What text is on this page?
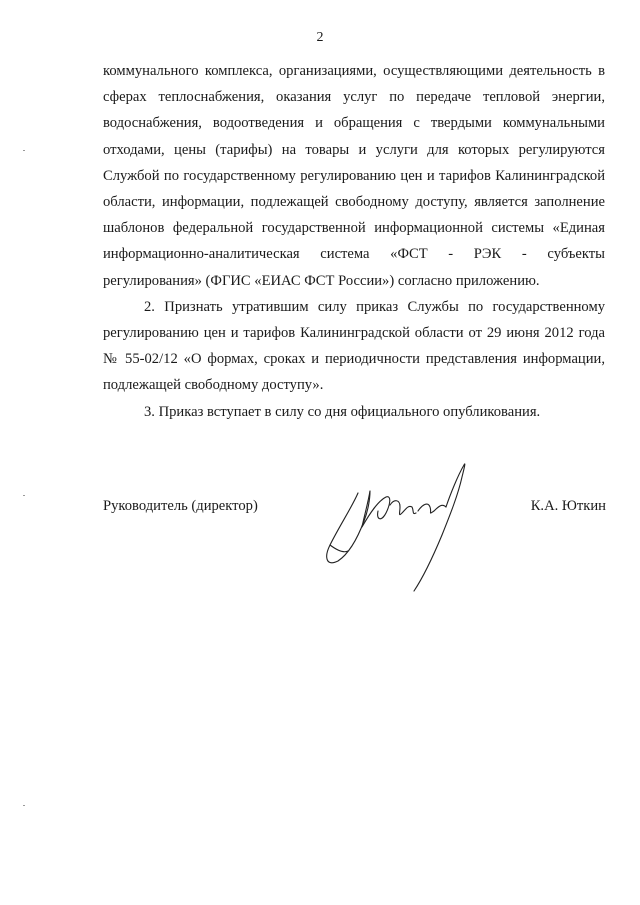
2

коммунального комплекса, организациями, осуществляющими деятельность в сферах теплоснабжения, оказания услуг по передаче тепловой энергии, водоснабжения, водоотведения и обращения с твердыми коммунальными отходами, цены (тарифы) на товары и услуги для которых регулируются Службой по государственному регулированию цен и тарифов Калининградской области, информации, подлежащей свободному доступу, является заполнение шаблонов федеральной государственной информационной системы «Единая информационно-аналитическая система «ФСТ - РЭК - субъекты регулирования» (ФГИС «ЕИАС ФСТ России») согласно приложению.

2. Признать утратившим силу приказ Службы по государственному регулированию цен и тарифов Калининградской области от 29 июня 2012 года № 55-02/12 «О формах, сроках и периодичности представления информации, подлежащей свободному доступу».

3. Приказ вступает в силу со дня официального опубликования.

Руководитель (директор)	К.А. Юткин
